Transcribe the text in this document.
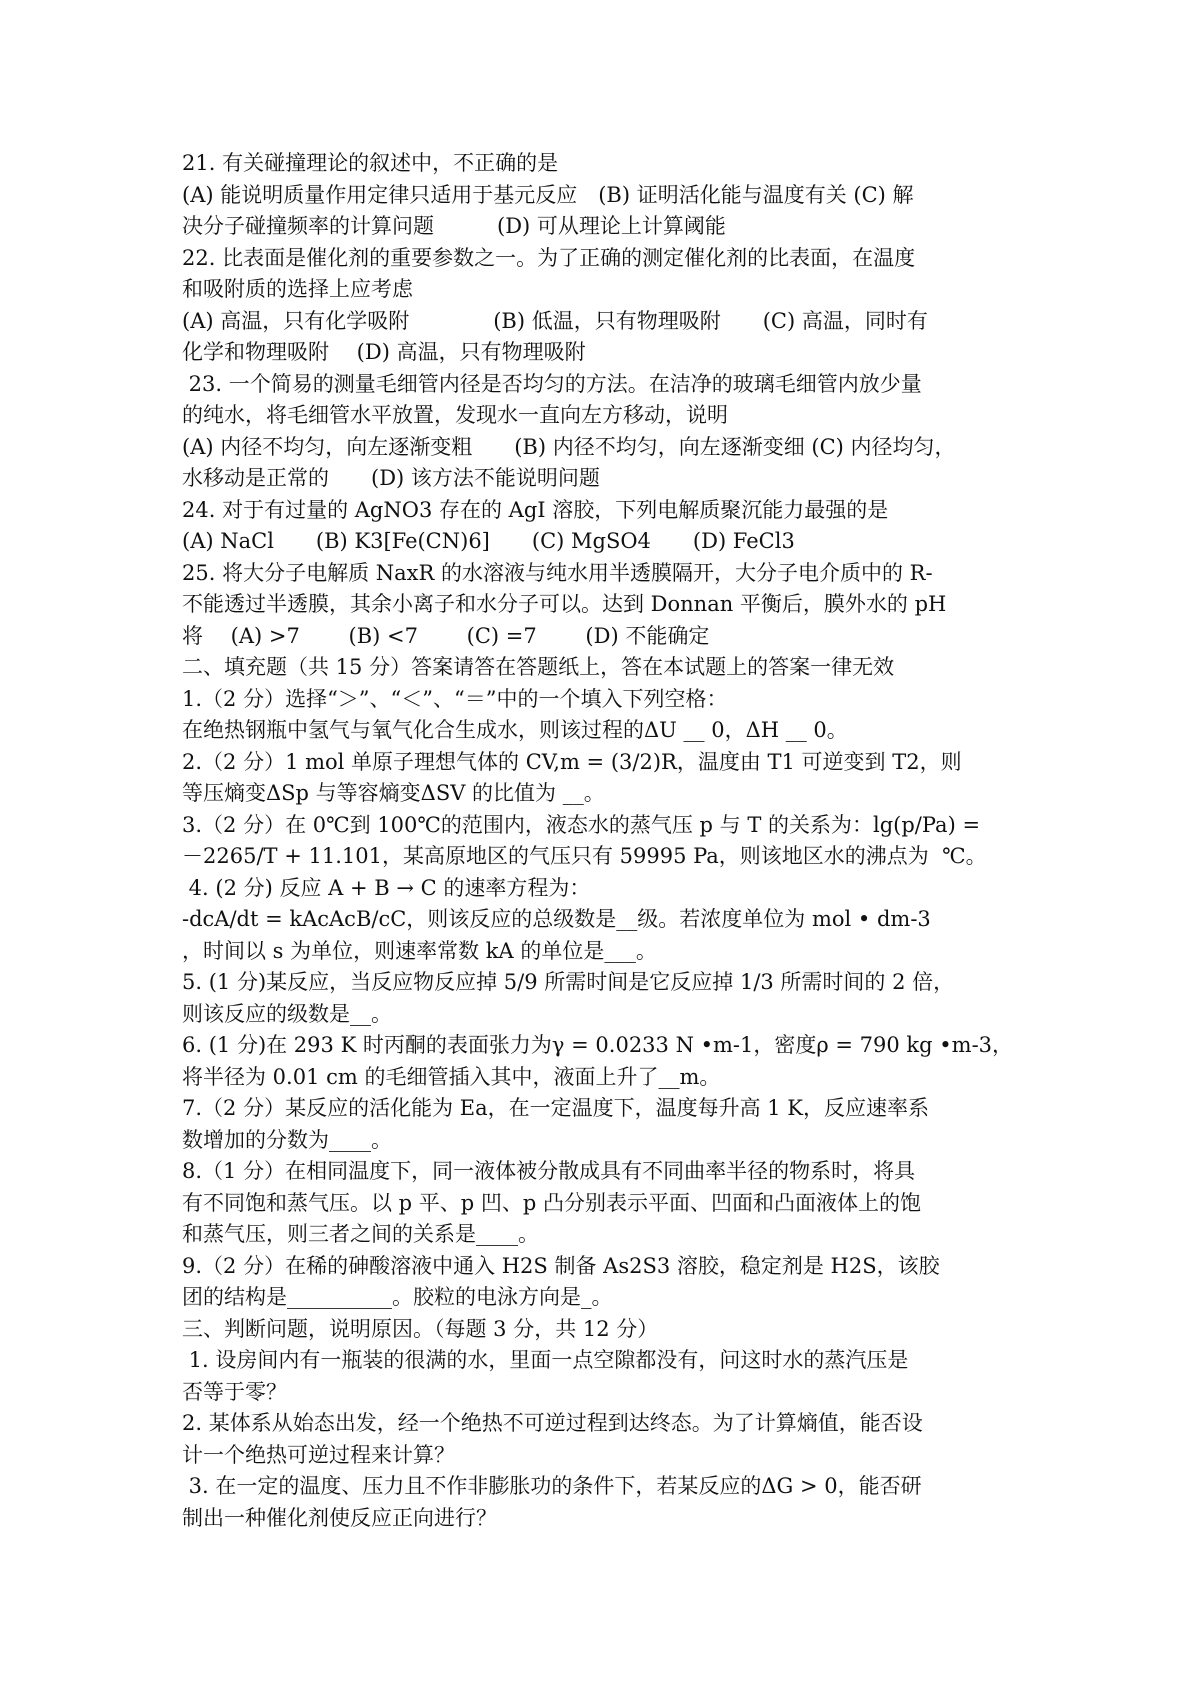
21. 有关碰撞理论的叙述中，不正确的是
(A) 能说明质量作用定律只适用于基元反应　(B) 证明活化能与温度有关 (C) 解
决分子碰撞频率的计算问题　　　(D) 可从理论上计算阈能
22. 比表面是催化剂的重要参数之一。为了正确的测定催化剂的比表面，在温度
和吸附质的选择上应考虑
(A) 高温，只有化学吸附　　　　(B) 低温，只有物理吸附　　(C) 高温，同时有
化学和物理吸附　 (D) 高温，只有物理吸附
23. 一个简易的测量毛细管内径是否均匀的方法。在洁净的玻璃毛细管内放少量
的纯水，将毛细管水平放置，发现水一直向左方移动，说明
(A) 内径不均匀，向左逐渐变粗　　(B) 内径不均匀，向左逐渐变细 (C) 内径均匀，
水移动是正常的　　(D) 该方法不能说明问题
24. 对于有过量的 AgNO3 存在的 AgI 溶胶，下列电解质聚沉能力最强的是
(A) NaCl　　(B) K3[Fe(CN)6]　　(C) MgSO4　　(D) FeCl3
25. 将大分子电解质 NaxR 的水溶液与纯水用半透膜隔开，大分子电介质中的 R-
不能透过半透膜，其余小离子和水分子可以。达到 Donnan 平衡后，膜外水的 pH
将　 (A) >7　　 (B) <7　　 (C) =7　　 (D) 不能确定
二、填充题（共 15 分）答案请答在答题纸上，答在本试题上的答案一律无效
1.（2 分）选择“＞”、“＜”、“＝”中的一个填入下列空格：
在绝热钢瓶中氢气与氧气化合生成水，则该过程的ΔU __ 0，ΔH __ 0。
2.（2 分）1 mol 单原子理想气体的 CV,m = (3/2)R，温度由 T1 可逆变到 T2，则
等压熵变ΔSp 与等容熵变ΔSV 的比值为 __。
3.（2 分）在 0℃到 100℃的范围内，液态水的蒸气压 p 与 T 的关系为：lg(p/Pa) =
－2265/T + 11.101，某高原地区的气压只有 59995 Pa，则该地区水的沸点为  ℃。
4. (2 分) 反应 A + B → C 的速率方程为：
-dcA/dt = kAcAcB/cC，则该反应的总级数是__级。若浓度单位为 mol • dm-3
，时间以 s 为单位，则速率常数 kA 的单位是___。
5. (1 分)某反应，当反应物反应掉 5/9 所需时间是它反应掉 1/3 所需时间的 2 倍，
则该反应的级数是__。
6. (1 分)在 293 K 时丙酮的表面张力为γ = 0.0233 N •m-1，密度ρ = 790 kg •m-3，
将半径为 0.01 cm 的毛细管插入其中，液面上升了__m。
7.（2 分）某反应的活化能为 Ea，在一定温度下，温度每升高 1 K，反应速率系
数增加的分数为____。
8.（1 分）在相同温度下，同一液体被分散成具有不同曲率半径的物系时，将具
有不同饱和蒸气压。以 p 平、p 凹、p 凸分别表示平面、凹面和凸面液体上的饱
和蒸气压，则三者之间的关系是____。
9.（2 分）在稀的砷酸溶液中通入 H2S 制备 As2S3 溶胶，稳定剂是 H2S，该胶
团的结构是__________。胶粒的电泳方向是_。
三、判断问题，说明原因。（每题 3 分，共 12 分）
1. 设房间内有一瓶装的很满的水，里面一点空隙都没有，问这时水的蒸汽压是
否等于零？
2. 某体系从始态出发，经一个绝热不可逆过程到达终态。为了计算熵值，能否设
计一个绝热可逆过程来计算？
3. 在一定的温度、压力且不作非膨胀功的条件下，若某反应的ΔG > 0，能否研
制出一种催化剂使反应正向进行？
